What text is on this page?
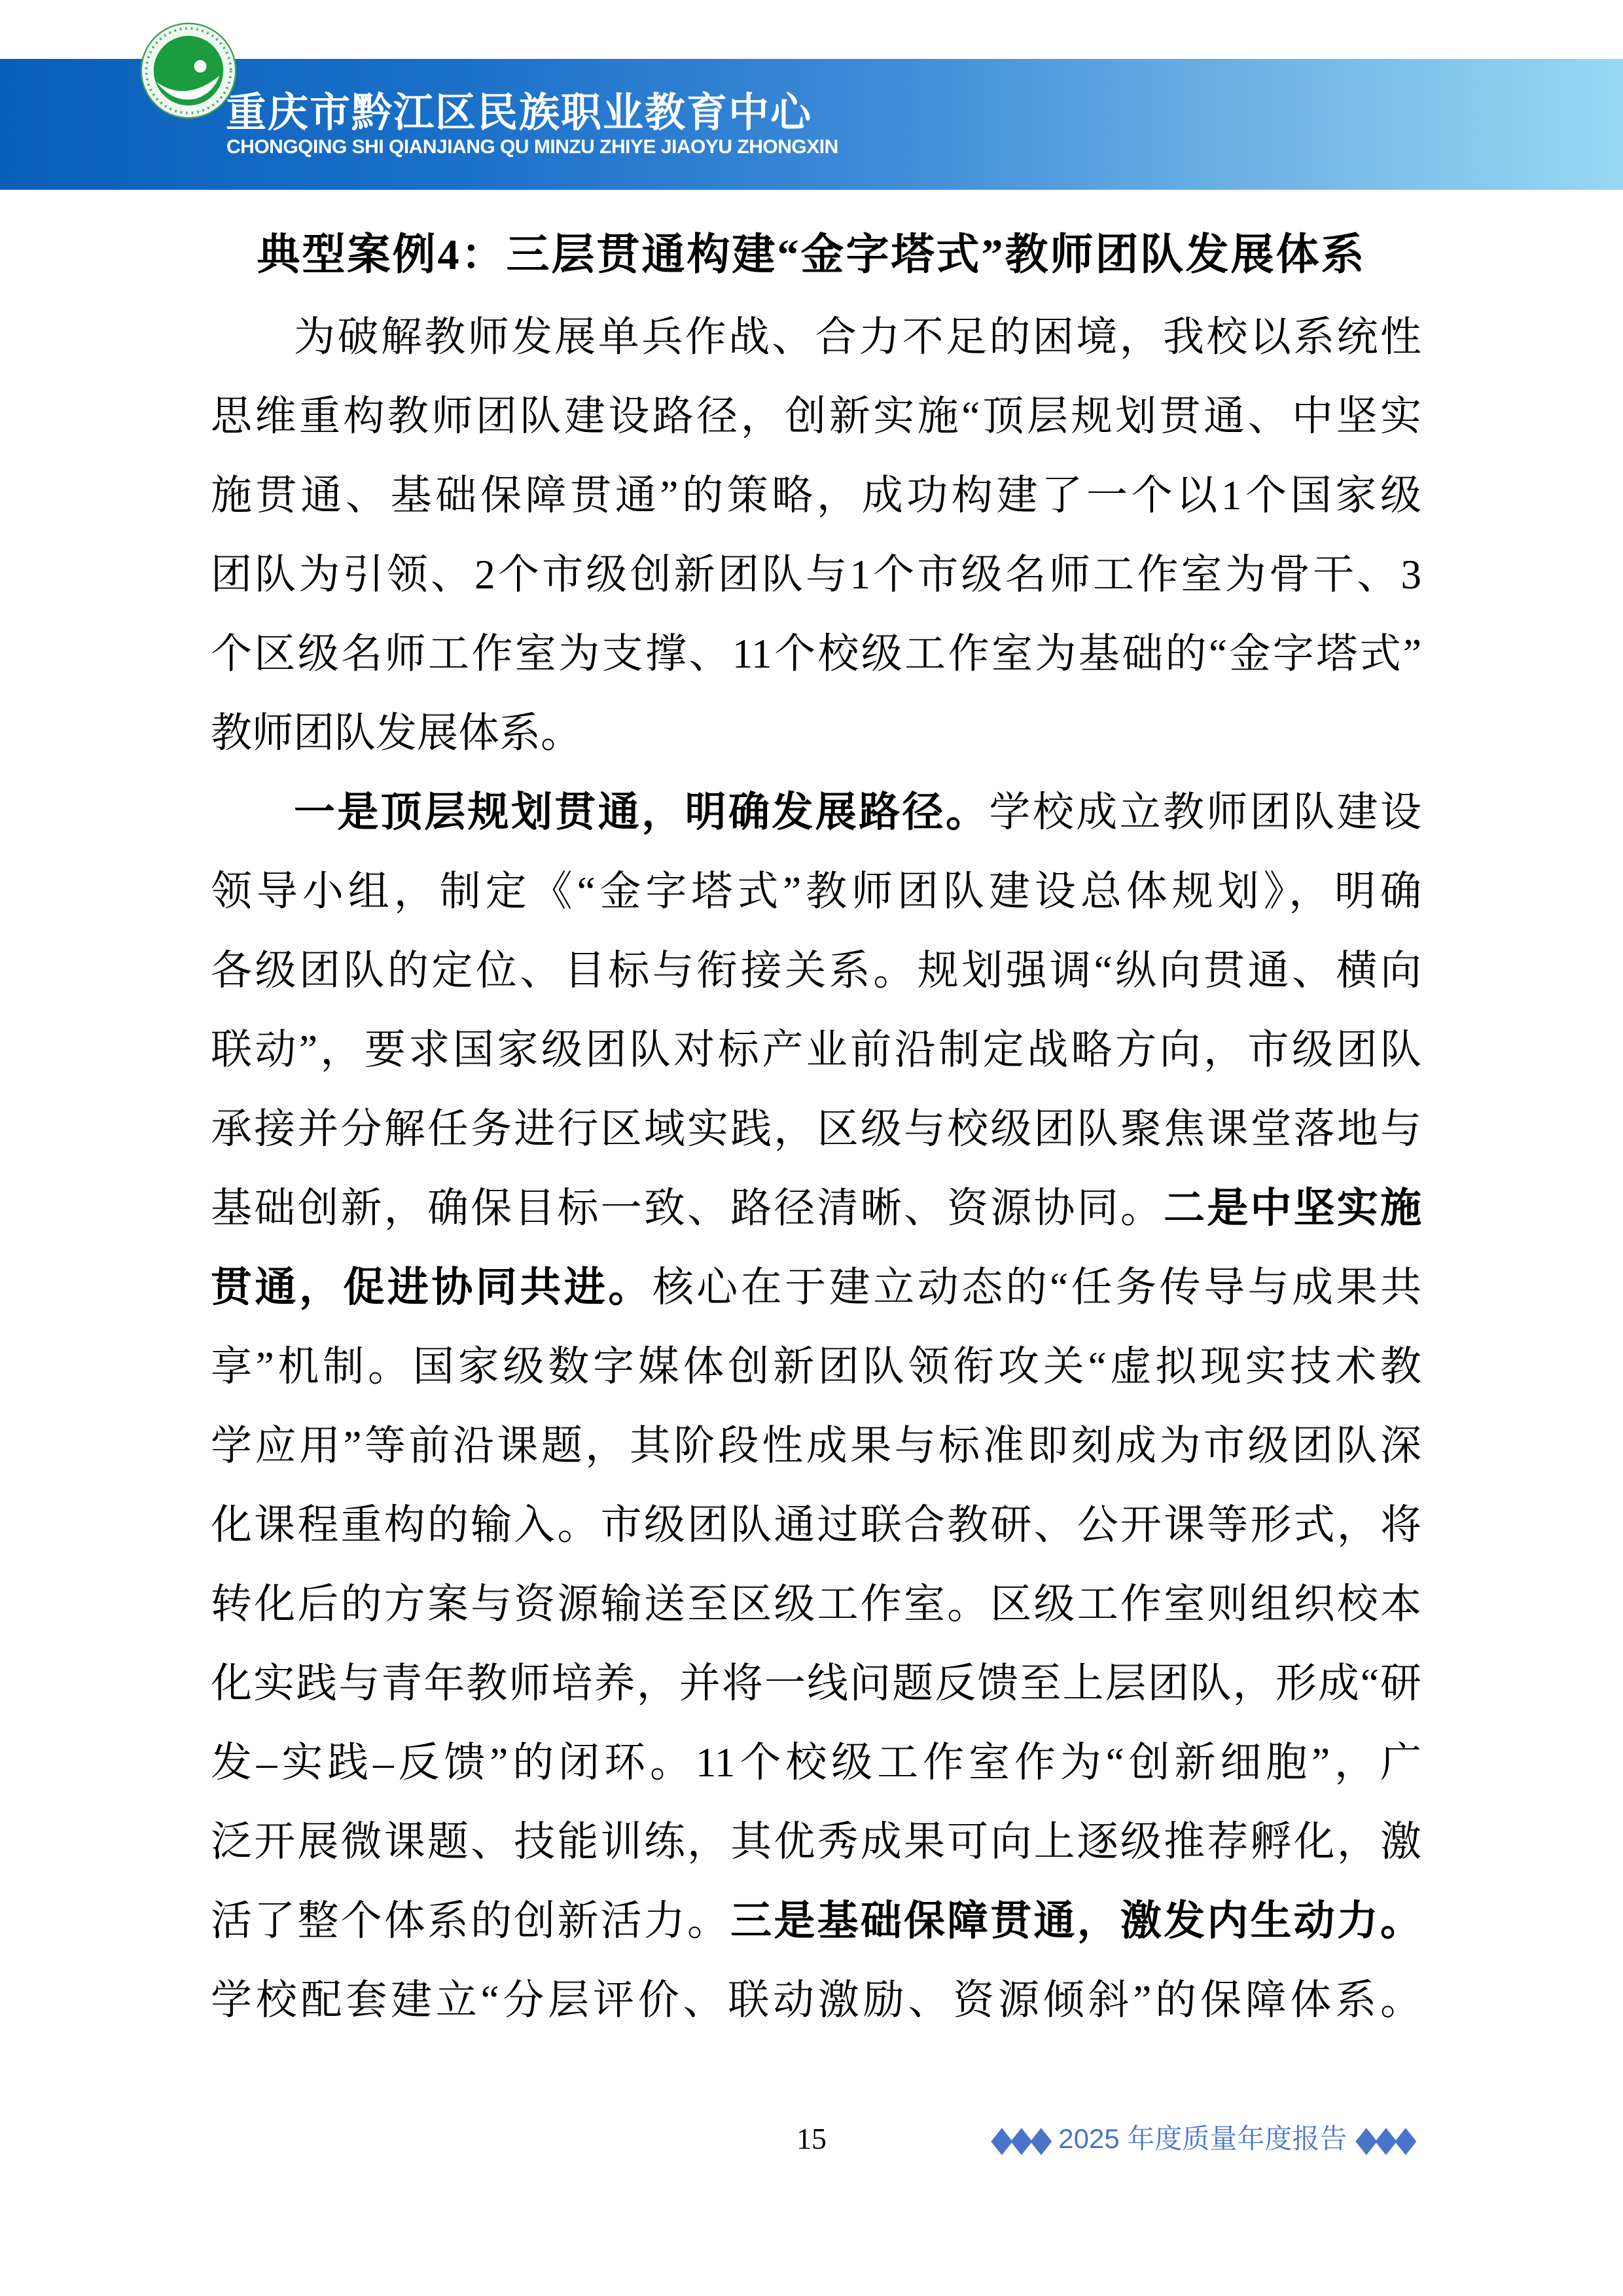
重庆市黔江区民族职业教育中心
CHONGQING SHI QIANJIANG QU MINZU ZHIYE JIAOYU ZHONGXIN
典型案例4：三层贯通构建“金字塔式”教师团队发展体系
为破解教师发展单兵作战、合力不足的困境，我校以系统性
思维重构教师团队建设路径，创新实施“顶层规划贯通、中坚实
施贯通、基础保障贯通”的策略，成功构建了一个以1个国家级
团队为引领、2个市级创新团队与1个市级名师工作室为骨干、3
个区级名师工作室为支撑、11个校级工作室为基础的“金字塔式”
教师团队发展体系。
一是顶层规划贯通，明确发展路径。学校成立教师团队建设
领导小组，制定《“金字塔式”教师团队建设总体规划》，明确
各级团队的定位、目标与衔接关系。规划强调“纵向贯通、横向
联动”，要求国家级团队对标产业前沿制定战略方向，市级团队
承接并分解任务进行区域实践，区级与校级团队聚焦课堂落地与
基础创新，确保目标一致、路径清晰、资源协同。二是中坚实施
贯通，促进协同共进。核心在于建立动态的“任务传导与成果共
享”机制。国家级数字媒体创新团队领衔攻关“虚拟现实技术教
学应用”等前沿课题，其阶段性成果与标准即刻成为市级团队深
化课程重构的输入。市级团队通过联合教研、公开课等形式，将
转化后的方案与资源输送至区级工作室。区级工作室则组织校本
化实践与青年教师培养，并将一线问题反馈至上层团队，形成“研
发–实践–反馈”的闭环。11个校级工作室作为“创新细胞”，广
泛开展微课题、技能训练，其优秀成果可向上逐级推荐孵化，激
活了整个体系的创新活力。三是基础保障贯通，激发内生动力。
学校配套建立“分层评价、联动激励、资源倾斜”的保障体系。
15	◆◆◆ 2025 年度质量年度报告 ◆◆◆
